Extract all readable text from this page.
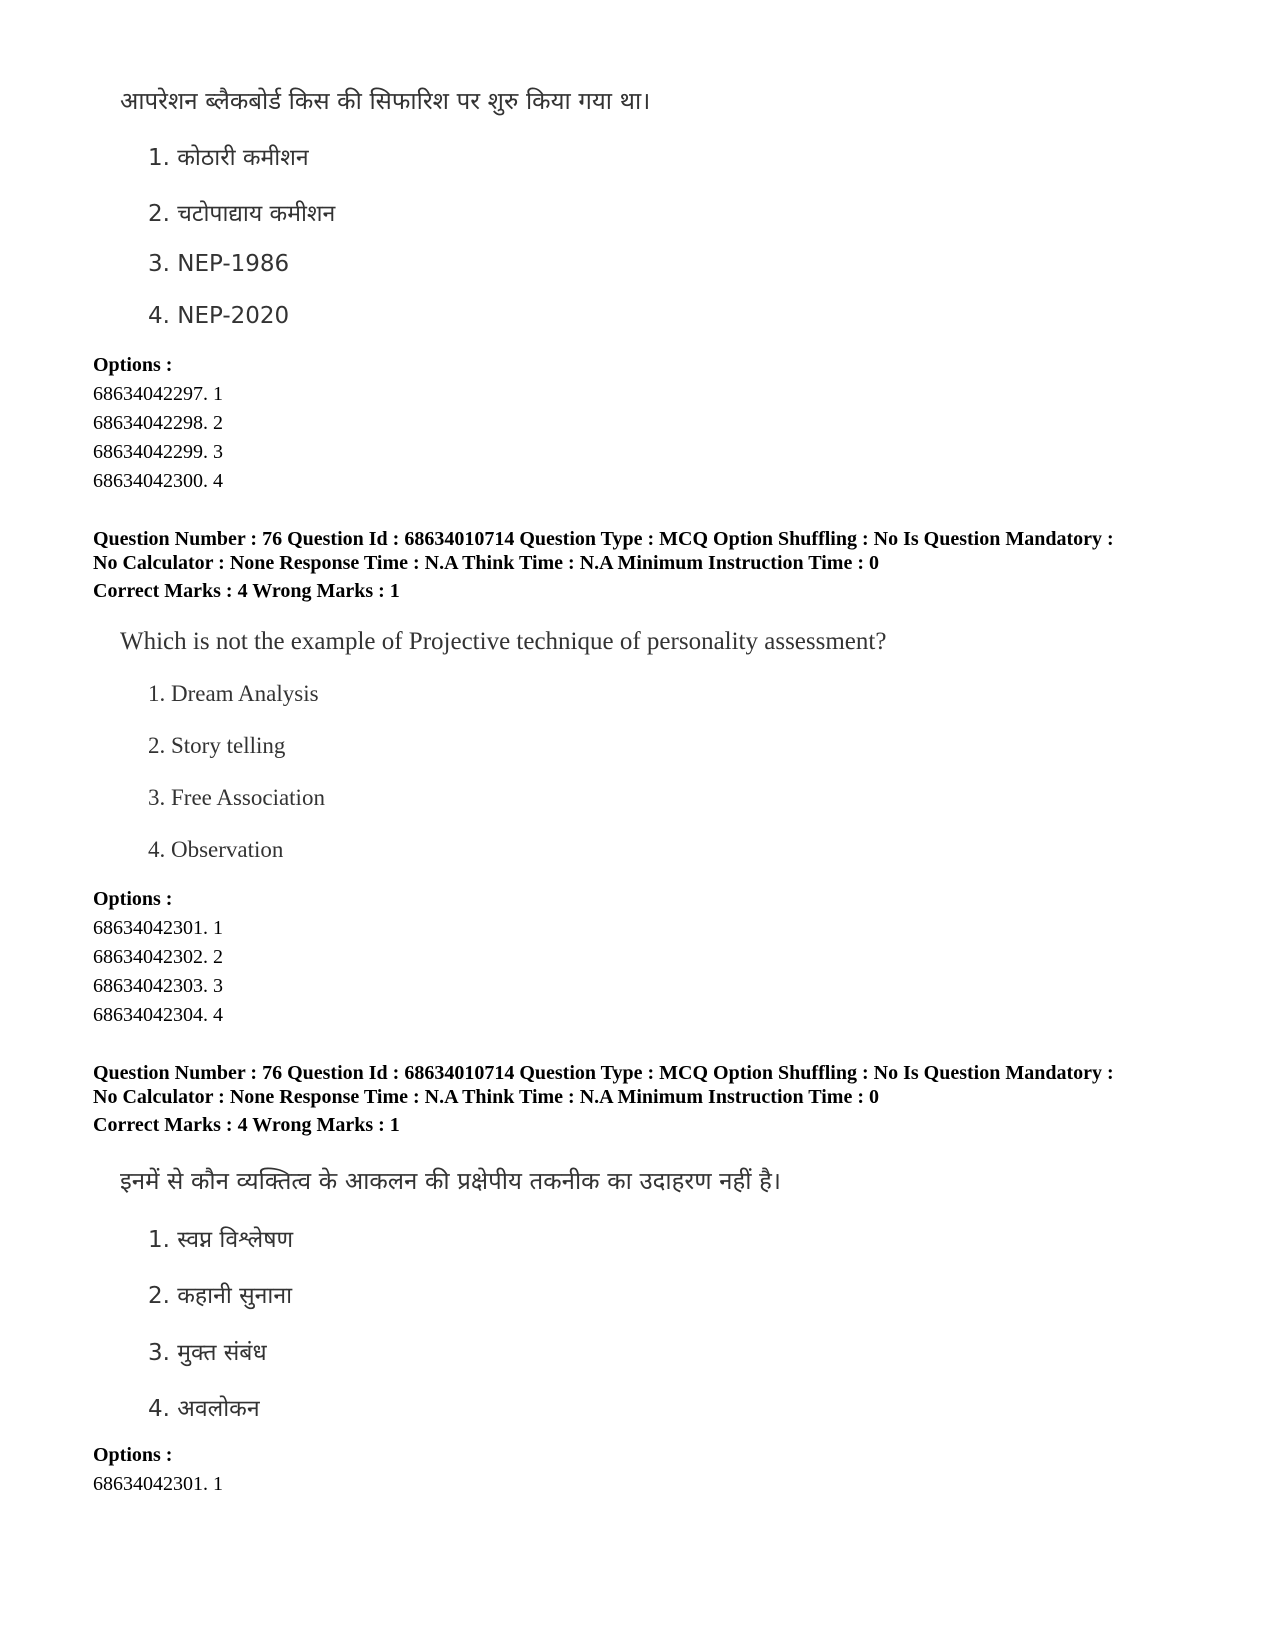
आपरेशन ब्लैकबोर्ड किस की सिफारिश पर शुरु किया गया था।

1. कोठारी कमीशन
2. चटोपाद्याय कमीशन
3. NEP-1986
4. NEP-2020
Options :
68634042297. 1
68634042298. 2
68634042299. 3
68634042300. 4
Question Number : 76 Question Id : 68634010714 Question Type : MCQ Option Shuffling : No Is Question Mandatory :
No Calculator : None Response Time : N.A Think Time : N.A Minimum Instruction Time : 0
Correct Marks : 4 Wrong Marks : 1

Which is not the example of Projective technique of personality assessment?

1. Dream Analysis
2. Story telling
3. Free Association
4. Observation
Options :
68634042301. 1
68634042302. 2
68634042303. 3
68634042304. 4
Question Number : 76 Question Id : 68634010714 Question Type : MCQ Option Shuffling : No Is Question Mandatory :
No Calculator : None Response Time : N.A Think Time : N.A Minimum Instruction Time : 0
Correct Marks : 4 Wrong Marks : 1

इनमें से कौन व्यक्तित्व के आकलन की प्रक्षेपीय तकनीक का उदाहरण नहीं है।

1. स्वप्न विश्लेषण
2. कहानी सुनाना
3. मुक्त संबंध
4. अवलोकन
Options :
68634042301. 1
